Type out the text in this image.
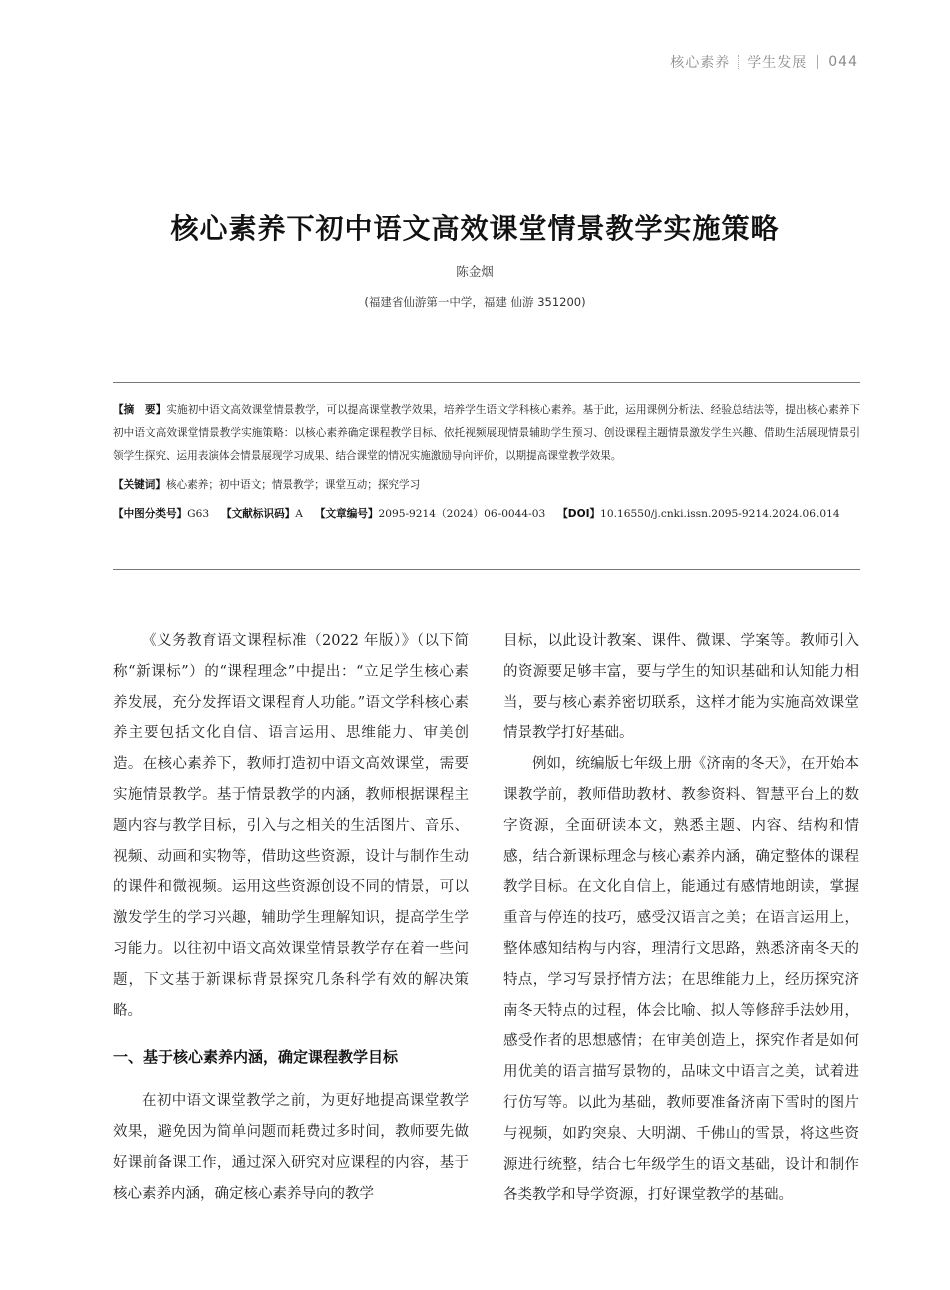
核心素养 学生发展 044
核心素养下初中语文高效课堂情景教学实施策略
陈金烟
(福建省仙游第一中学，福建 仙游 351200)

【摘　要】实施初中语文高效课堂情景教学，可以提高课堂教学效果，培养学生语文学科核心素养。基于此，运用课例分析法、经验总结法等，提出核心素养下初中语文高效课堂情景教学实施策略：以核心素养确定课程教学目标、依托视频展现情景辅助学生预习、创设课程主题情景激发学生兴趣、借助生活展现情景引领学生探究、运用表演体会情景展现学习成果、结合课堂的情况实施激励导向评价，以期提高课堂教学效果。

【关键词】核心素养；初中语文；情景教学；课堂互动；探究学习

【中图分类号】G63 【文献标识码】A 【文章编号】2095-9214（2024）06-0044-03 【DOI】10.16550/j.cnki.issn.2095-9214.2024.06.014

《义务教育语文课程标准（2022 年版）》（以下简称“新课标”）的“课程理念”中提出：“立足学生核心素养发展，充分发挥语文课程育人功能。”语文学科核心素养主要包括文化自信、语言运用、思维能力、审美创造。在核心素养下，教师打造初中语文高效课堂，需要实施情景教学。基于情景教学的内涵，教师根据课程主题内容与教学目标，引入与之相关的生活图片、音乐、视频、动画和实物等，借助这些资源，设计与制作生动的课件和微视频。运用这些资源创设不同的情景，可以激发学生的学习兴趣，辅助学生理解知识，提高学生学习能力。以往初中语文高效课堂情景教学存在着一些问题，下文基于新课标背景探究几条科学有效的解决策略。

一、基于核心素养内涵，确定课程教学目标

在初中语文课堂教学之前，为更好地提高课堂教学效果，避免因为简单问题而耗费过多时间，教师要先做好课前备课工作，通过深入研究对应课程的内容，基于核心素养内涵，确定核心素养导向的教学

目标，以此设计教案、课件、微课、学案等。教师引入的资源要足够丰富，要与学生的知识基础和认知能力相当，要与核心素养密切联系，这样才能为实施高效课堂情景教学打好基础。

例如，统编版七年级上册《济南的冬天》，在开始本课教学前，教师借助教材、教参资料、智慧平台上的数字资源，全面研读本文，熟悉主题、内容、结构和情感，结合新课标理念与核心素养内涵，确定整体的课程教学目标。在文化自信上，能通过有感情地朗读，掌握重音与停连的技巧，感受汉语言之美；在语言运用上，整体感知结构与内容，理清行文思路，熟悉济南冬天的特点，学习写景抒情方法；在思维能力上，经历探究济南冬天特点的过程，体会比喻、拟人等修辞手法妙用，感受作者的思想感情；在审美创造上，探究作者是如何用优美的语言描写景物的，品味文中语言之美，试着进行仿写等。以此为基础，教师要准备济南下雪时的图片与视频，如趵突泉、大明湖、千佛山的雪景，将这些资源进行统整，结合七年级学生的语文基础，设计和制作各类教学和导学资源，打好课堂教学的基础。
